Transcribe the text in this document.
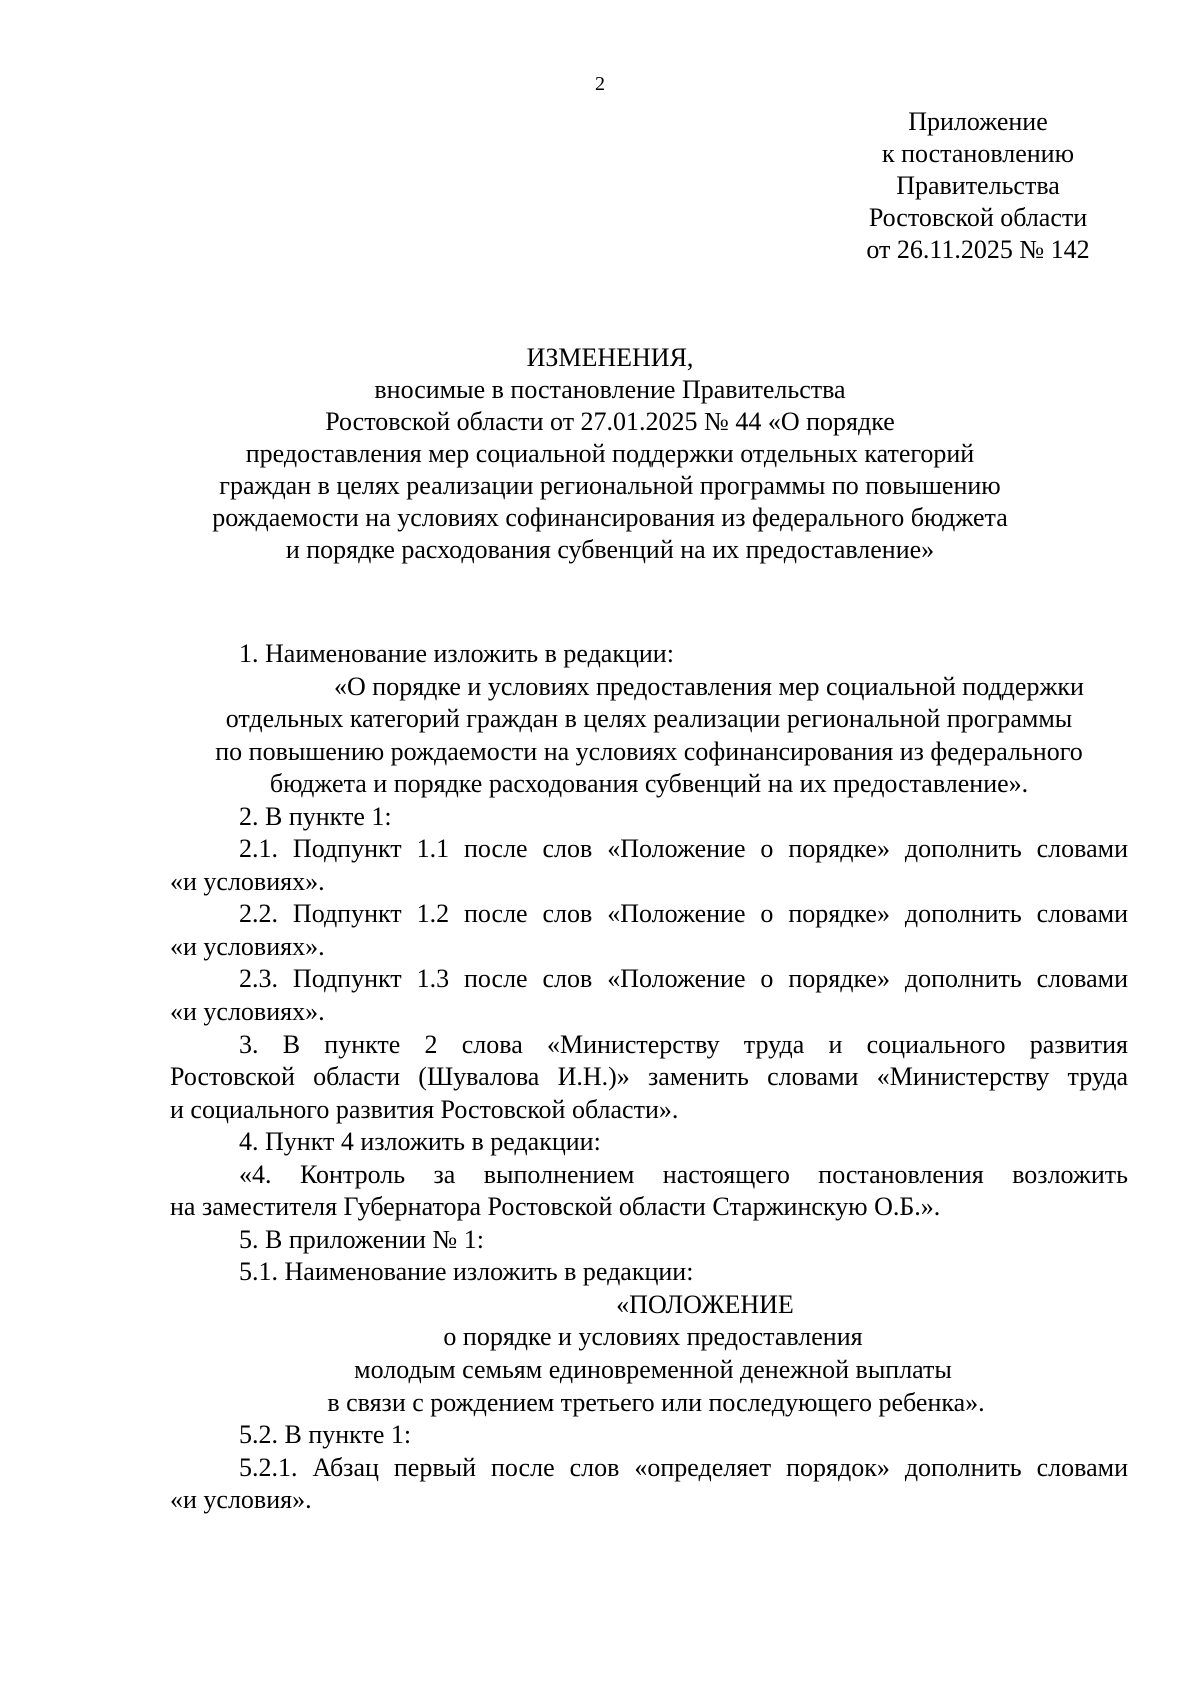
2
Приложение
к постановлению
Правительства
Ростовской области
от 26.11.2025 № 142
ИЗМЕНЕНИЯ,
вносимые в постановление Правительства
Ростовской области от 27.01.2025 № 44 «О порядке
предоставления мер социальной поддержки отдельных категорий
граждан в целях реализации региональной программы по повышению
рождаемости на условиях софинансирования из федерального бюджета
и порядке расходования субвенций на их предоставление»

1. Наименование изложить в редакции:

«О порядке и условиях предоставления мер социальной поддержки
отдельных категорий граждан в целях реализации региональной программы
по повышению рождаемости на условиях софинансирования из федерального
бюджета и порядке расходования субвенций на их предоставление».

2. В пункте 1:

2.1. Подпункт 1.1 после слов «Положение о порядке» дополнить словами

«и условиях».

2.2. Подпункт 1.2 после слов «Положение о порядке» дополнить словами

«и условиях».

2.3. Подпункт 1.3 после слов «Положение о порядке» дополнить словами

«и условиях».

3. В пункте 2 слова «Министерству труда и социального развития

Ростовской области (Шувалова И.Н.)» заменить словами «Министерству труда

и социального развития Ростовской области».

4. Пункт 4 изложить в редакции:

«4. Контроль за выполнением настоящего постановления возложить

на заместителя Губернатора Ростовской области Старжинскую О.Б.».

5. В приложении № 1:

5.1. Наименование изложить в редакции:

«ПОЛОЖЕНИЕ
о порядке и условиях предоставления
молодым семьям единовременной денежной выплаты
в связи с рождением третьего или последующего ребенка».

5.2. В пункте 1:

5.2.1. Абзац первый после слов «определяет порядок» дополнить словами

«и условия».
